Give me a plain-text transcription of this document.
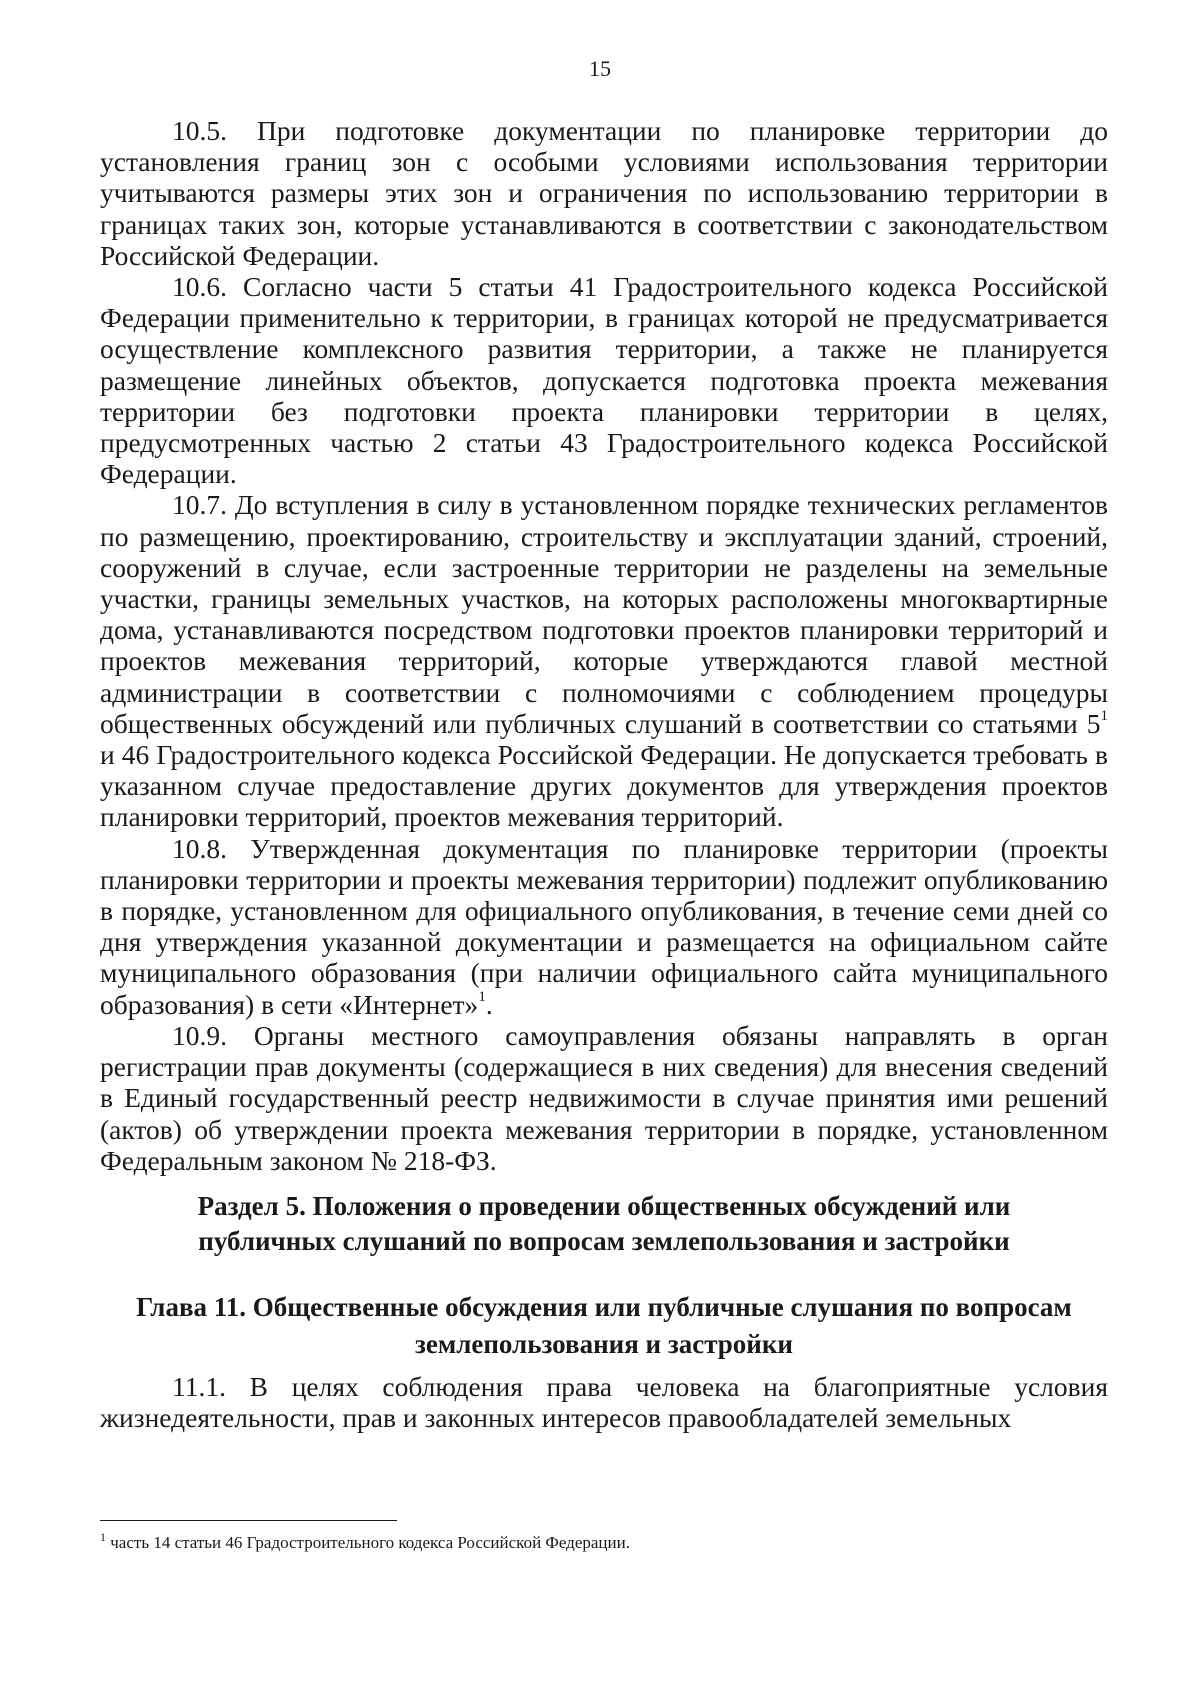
15

10.5. При подготовке документации по планировке территории до установления границ зон с особыми условиями использования территории учитываются размеры этих зон и ограничения по использованию территории в границах таких зон, которые устанавливаются в соответствии с законодательством Российской Федерации.

10.6. Согласно части 5 статьи 41 Градостроительного кодекса Российской Федерации применительно к территории, в границах которой не предусматривается осуществление комплексного развития территории, а также не планируется размещение линейных объектов, допускается подготовка проекта межевания территории без подготовки проекта планировки территории в целях, предусмотренных частью 2 статьи 43 Градостроительного кодекса Российской Федерации.

10.7. До вступления в силу в установленном порядке технических регламентов по размещению, проектированию, строительству и эксплуатации зданий, строений, сооружений в случае, если застроенные территории не разделены на земельные участки, границы земельных участков, на которых расположены многоквартирные дома, устанавливаются посредством подготовки проектов планировки территорий и проектов межевания территорий, которые утверждаются главой местной администрации в соответствии с полномочиями с соблюдением процедуры общественных обсуждений или публичных слушаний в соответствии со статьями $5^1$ и 46 Градостроительного кодекса Российской Федерации. Не допускается требовать в указанном случае предоставление других документов для утверждения проектов планировки территорий, проектов межевания территорий.

10.8. Утвержденная документация по планировке территории (проекты планировки территории и проекты межевания территории) подлежит опубликованию в порядке, установленном для официального опубликования, в течение семи дней со дня утверждения указанной документации и размещается на официальном сайте муниципального образования (при наличии официального сайта муниципального образования) в сети «Интернет»$^1$.

10.9. Органы местного самоуправления обязаны направлять в орган регистрации прав документы (содержащиеся в них сведения) для внесения сведений в Единый государственный реестр недвижимости в случае принятия ими решений (актов) об утверждении проекта межевания территории в порядке, установленном Федеральным законом № 218-ФЗ.

Раздел 5. Положения о проведении общественных обсуждений или
публичных слушаний по вопросам землепользования и застройки
Глава 11. Общественные обсуждения или публичные слушания по вопросам
землепользования и застройки

11.1. В целях соблюдения права человека на благоприятные условия жизнедеятельности, прав и законных интересов правообладателей земельных

$^1$ часть 14 статьи 46 Градостроительного кодекса Российской Федерации.
